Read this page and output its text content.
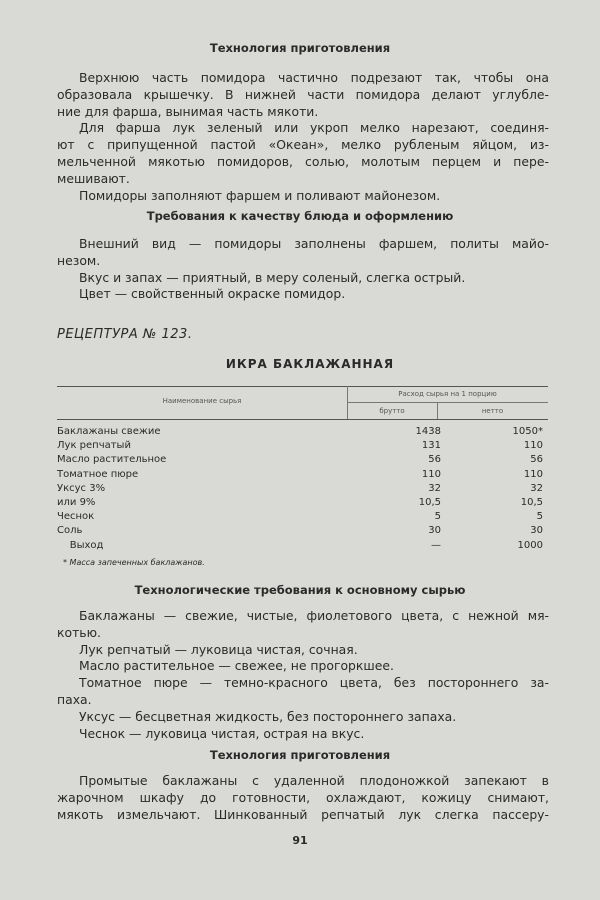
Технология приготовления
Верхнюю часть помидора частично подрезают так, чтобы она
образовала крышечку. В нижней части помидора делают углубле-
ние для фарша, вынимая часть мякоти.
Для фарша лук зеленый или укроп мелко нарезают, соединя-
ют с припущенной пастой «Океан», мелко рубленым яйцом, из-
мельченной мякотью помидоров, солью, молотым перцем и пере-
мешивают.
Помидоры заполняют фаршем и поливают майонезом.
Требования к качеству блюда и оформлению
Внешний вид — помидоры заполнены фаршем, политы майо-
незом.
Вкус и запах — приятный, в меру соленый, слегка острый.
Цвет — свойственный окраске помидор.
РЕЦЕПТУРА № 123.
ИКРА БАКЛАЖАННАЯ
Наименование сырья
Расход сырья на 1 порцию
брутто	нетто
Баклажаны свежие	1438	1050*
Лук репчатый	131	110
Масло растительное	56	56
Томатное пюре	110	110
Уксус 3%	32	32
или 9%	10,5	10,5
Чеснок	5	5
Соль	30	30
Выход	—	1000
* Масса запеченных баклажанов.
Технологические требования к основному сырью
Баклажаны — свежие, чистые, фиолетового цвета, с нежной мя-
котью.
Лук репчатый — луковица чистая, сочная.
Масло растительное — свежее, не прогоркшее.
Томатное пюре — темно-красного цвета, без постороннего за-
паха.
Уксус — бесцветная жидкость, без постороннего запаха.
Чеснок — луковица чистая, острая на вкус.
Технология приготовления
Промытые баклажаны с удаленной плодоножкой запекают в
жарочном шкафу до готовности, охлаждают, кожицу снимают,
мякоть измельчают. Шинкованный репчатый лук слегка пассеру-
91
